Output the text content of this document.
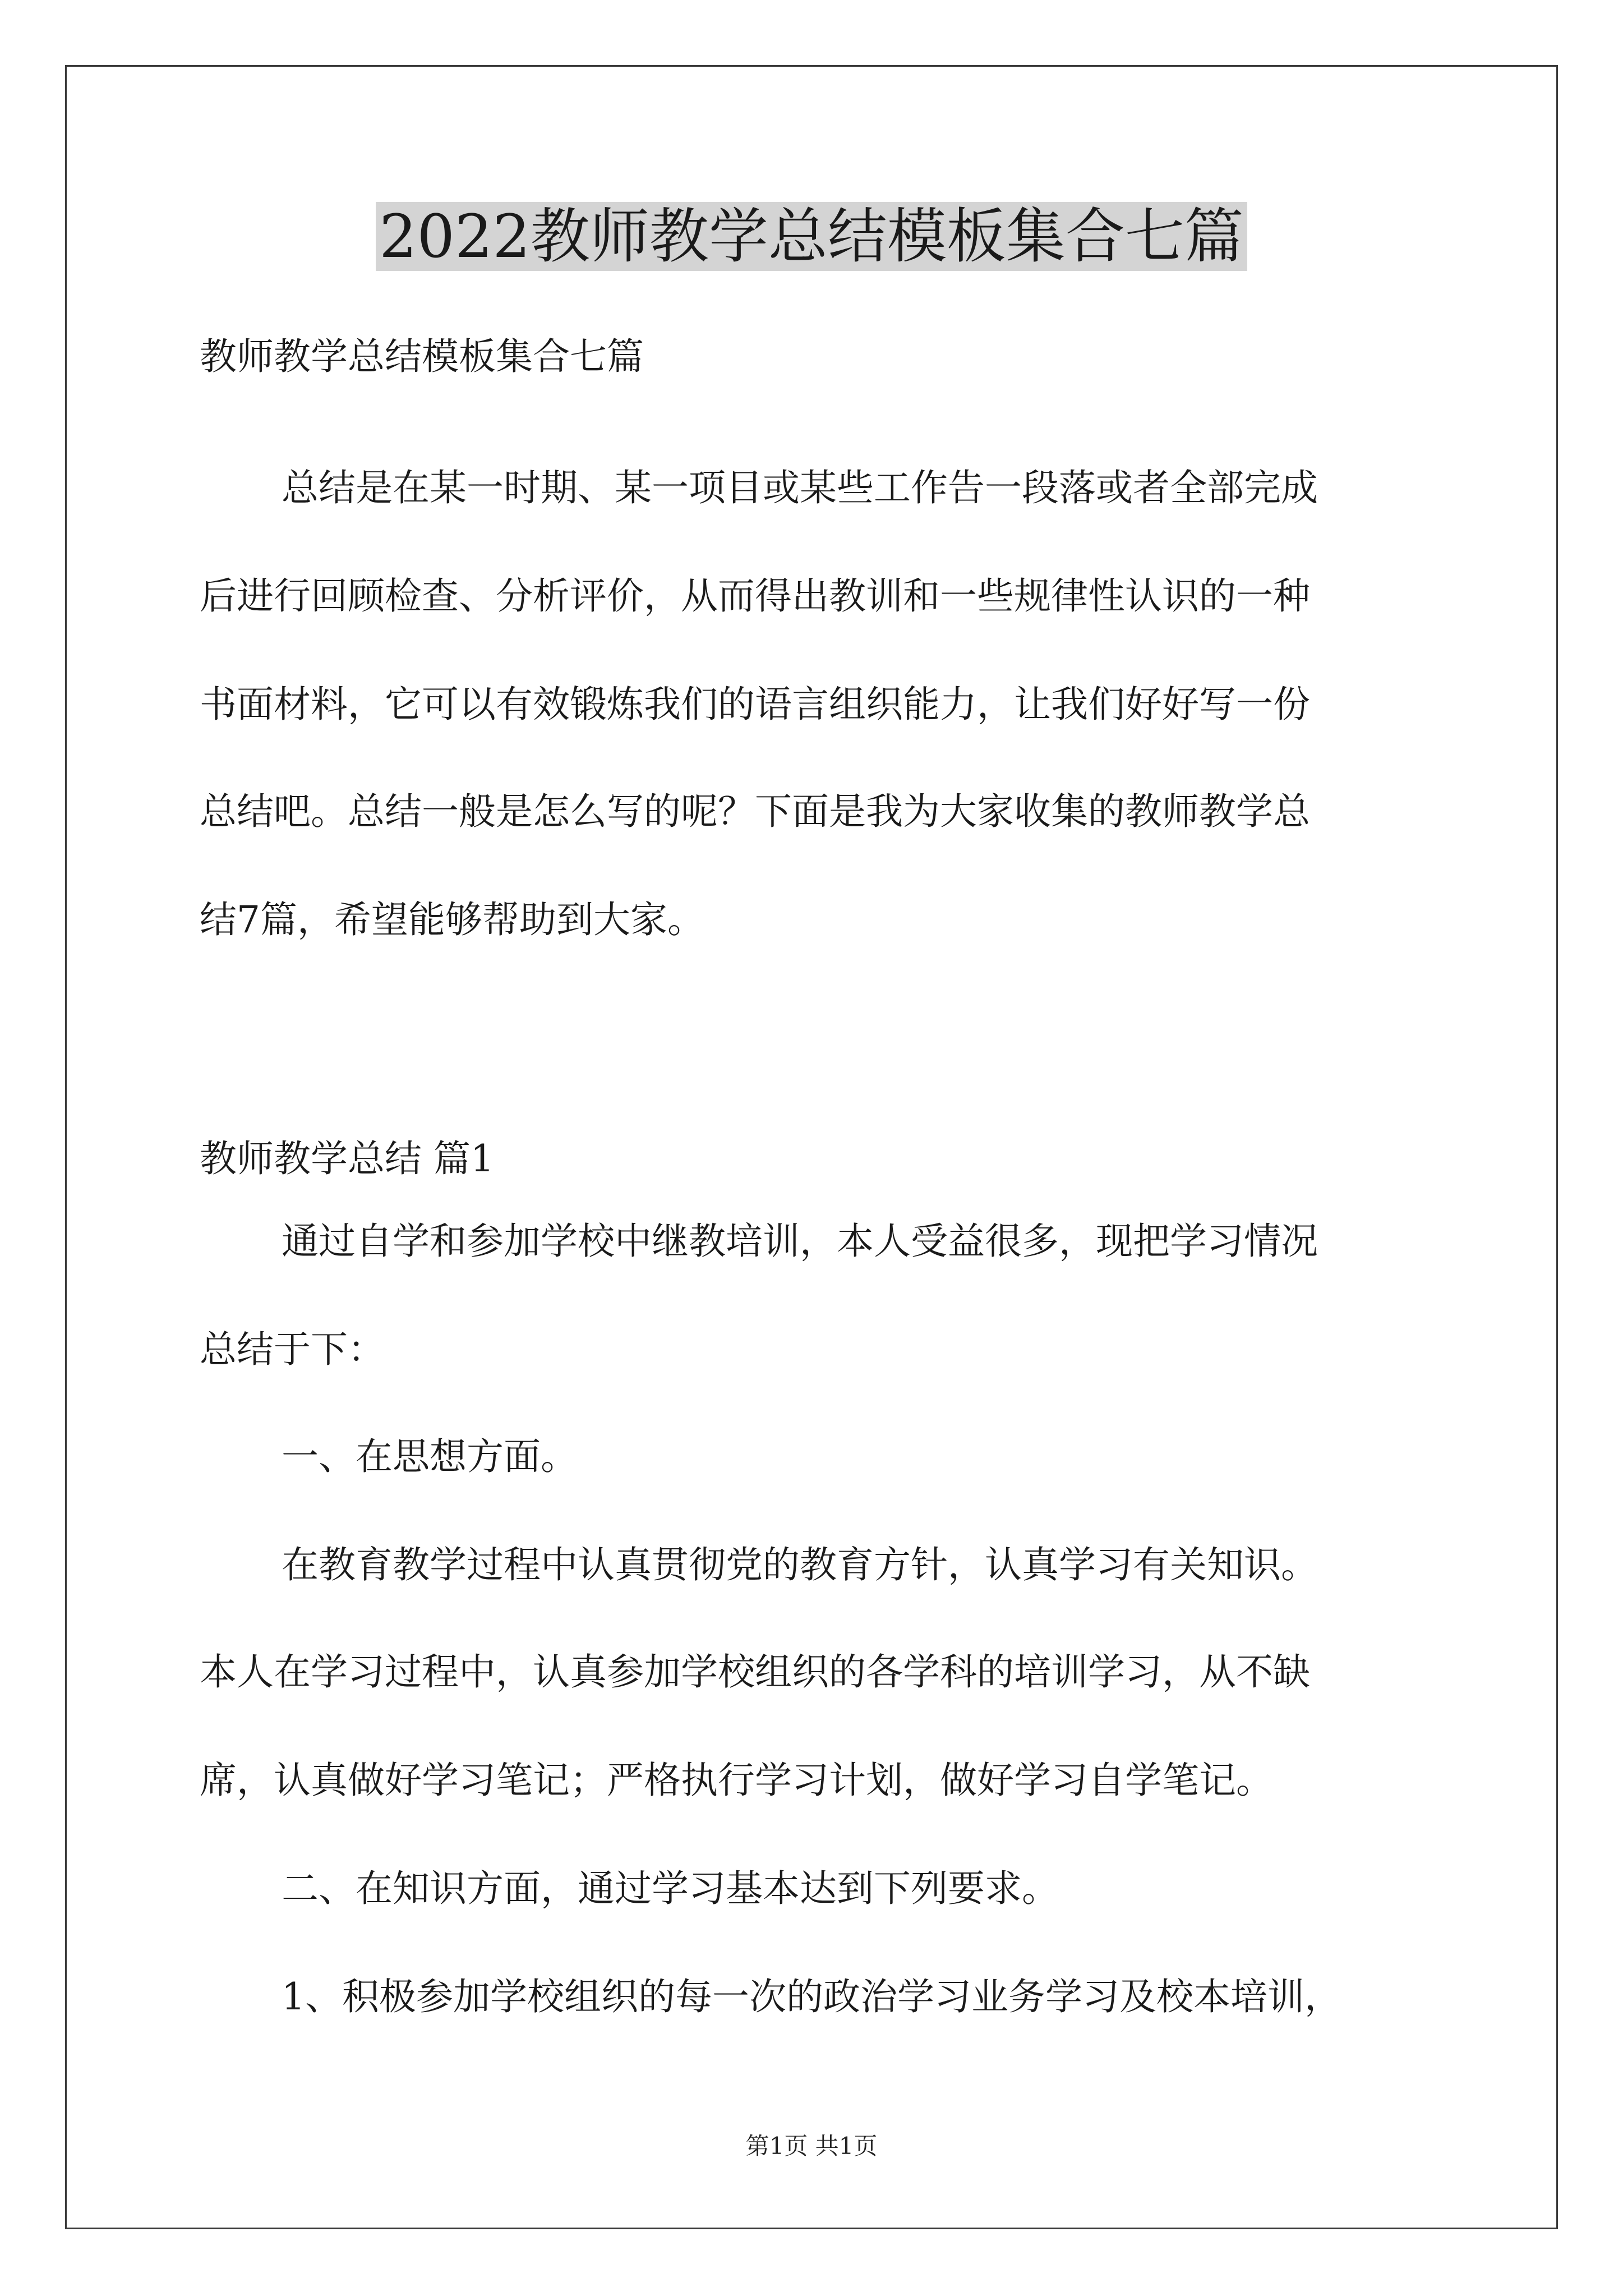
2022教师教学总结模板集合七篇
教师教学总结模板集合七篇
总结是在某一时期、某一项目或某些工作告一段落或者全部完成
后进行回顾检查、分析评价，从而得出教训和一些规律性认识的一种
书面材料，它可以有效锻炼我们的语言组织能力，让我们好好写一份
总结吧。总结一般是怎么写的呢？下面是我为大家收集的教师教学总
结7篇，希望能够帮助到大家。
教师教学总结 篇1
通过自学和参加学校中继教培训，本人受益很多，现把学习情况
总结于下：
一、在思想方面。
在教育教学过程中认真贯彻党的教育方针，认真学习有关知识。
本人在学习过程中，认真参加学校组织的各学科的培训学习，从不缺
席，认真做好学习笔记；严格执行学习计划，做好学习自学笔记。
二、在知识方面，通过学习基本达到下列要求。
1、积极参加学校组织的每一次的政治学习业务学习及校本培训，
第1页 共1页
